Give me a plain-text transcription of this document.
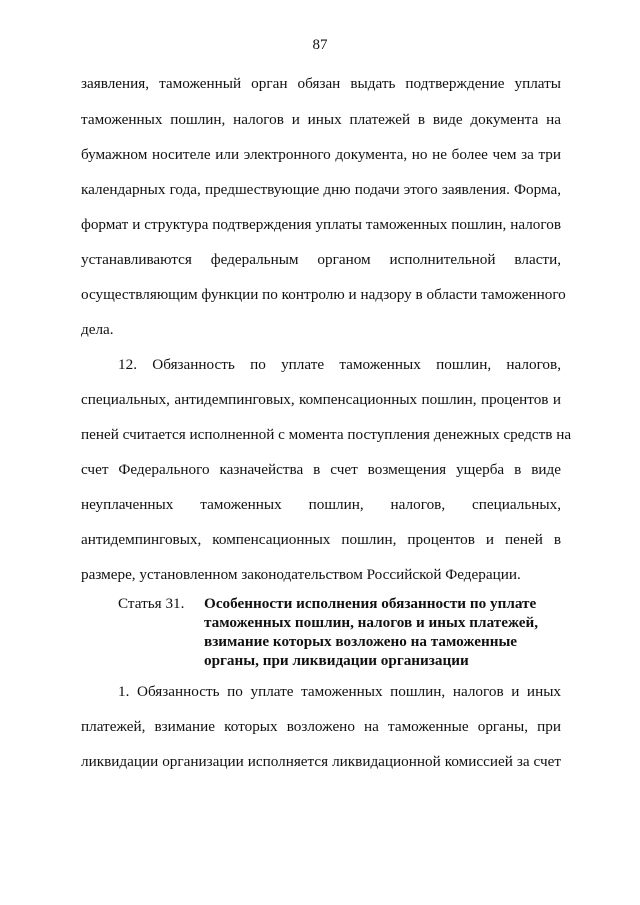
87
заявления, таможенный орган обязан выдать подтверждение уплаты
таможенных пошлин, налогов и иных платежей в виде документа на
бумажном носителе или электронного документа, но не более чем за три
календарных года, предшествующие дню подачи этого заявления. Форма,
формат и структура подтверждения уплаты таможенных пошлин, налогов
устанавливаются федеральным органом исполнительной власти,
осуществляющим функции по контролю и надзору в области таможенного
дела.
12. Обязанность по уплате таможенных пошлин, налогов,
специальных, антидемпинговых, компенсационных пошлин, процентов и
пеней считается исполненной с момента поступления денежных средств на
счет Федерального казначейства в счет возмещения ущерба в виде
неуплаченных таможенных пошлин, налогов, специальных,
антидемпинговых, компенсационных пошлин, процентов и пеней в
размере, установленном законодательством Российской Федерации.
Статья 31. Особенности исполнения обязанности по уплате
таможенных пошлин, налогов и иных платежей,
взимание которых возложено на таможенные
органы, при ликвидации организации
1. Обязанность по уплате таможенных пошлин, налогов и иных
платежей, взимание которых возложено на таможенные органы, при
ликвидации организации исполняется ликвидационной комиссией за счет
